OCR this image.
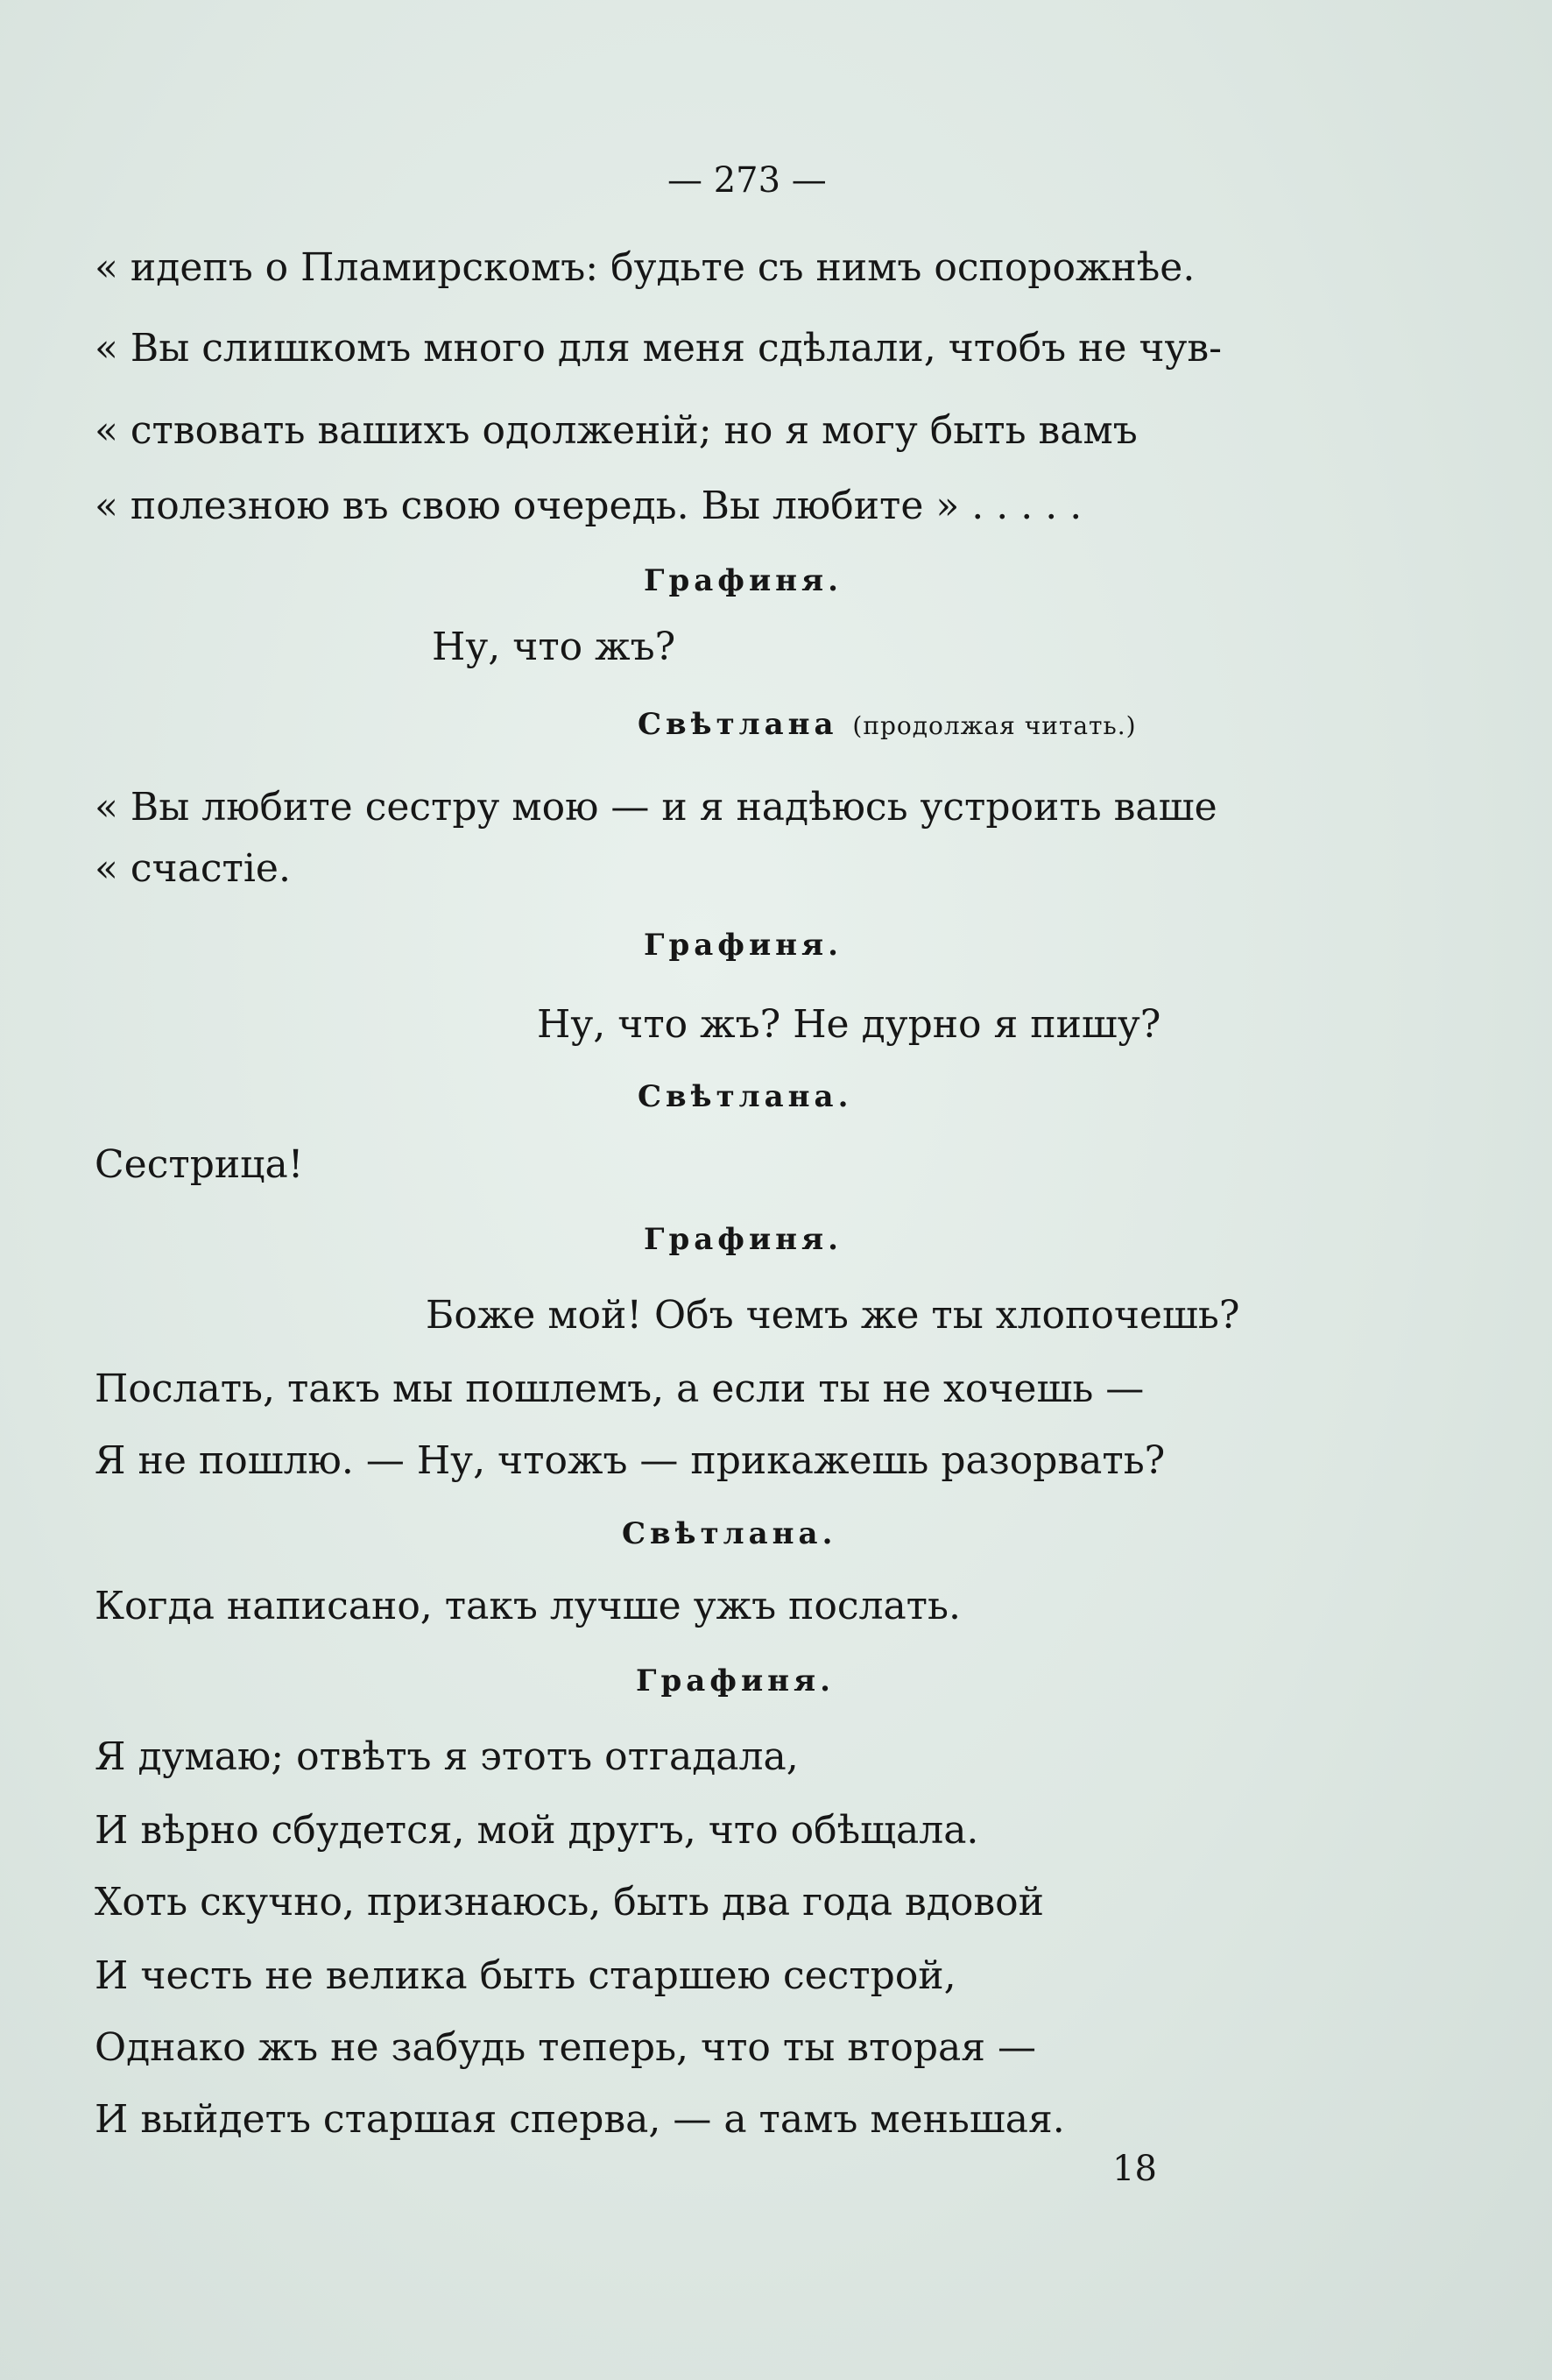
— 273 —
« идепъ о Пламирскомъ: будьте съ нимъ оспорожнѣе.
« Вы слишкомъ много для меня сдѣлали, чтобъ не чув-
« ствовать вашихъ одолженій; но я могу быть вамъ
« полезною въ свою очередь. Вы любите » . . . . .
Графиня.
Ну, что жъ?
Свѣтлана (продолжая читать.)
« Вы любите сестру мою — и я надѣюсь устроить ваше
« счастіе.
Графиня.
Ну, что жъ? Не дурно я пишу?
Свѣтлана.
Сестрица!
Графиня.
Боже мой! Объ чемъ же ты хлопочешь?
Послать, такъ мы пошлемъ, а если ты не хочешь —
Я не пошлю. — Ну, чтожъ — прикажешь разорвать?
Свѣтлана.
Когда написано, такъ лучше ужъ послать.
Графиня.
Я думаю; отвѣтъ я этотъ отгадала,
И вѣрно сбудется, мой другъ, что обѣщала.
Хоть скучно, признаюсь, быть два года вдовой
И честь не велика быть старшею сестрой,
Однако жъ не забудь теперь, что ты вторая —
И выйдетъ старшая сперва, — а тамъ меньшая.
18
